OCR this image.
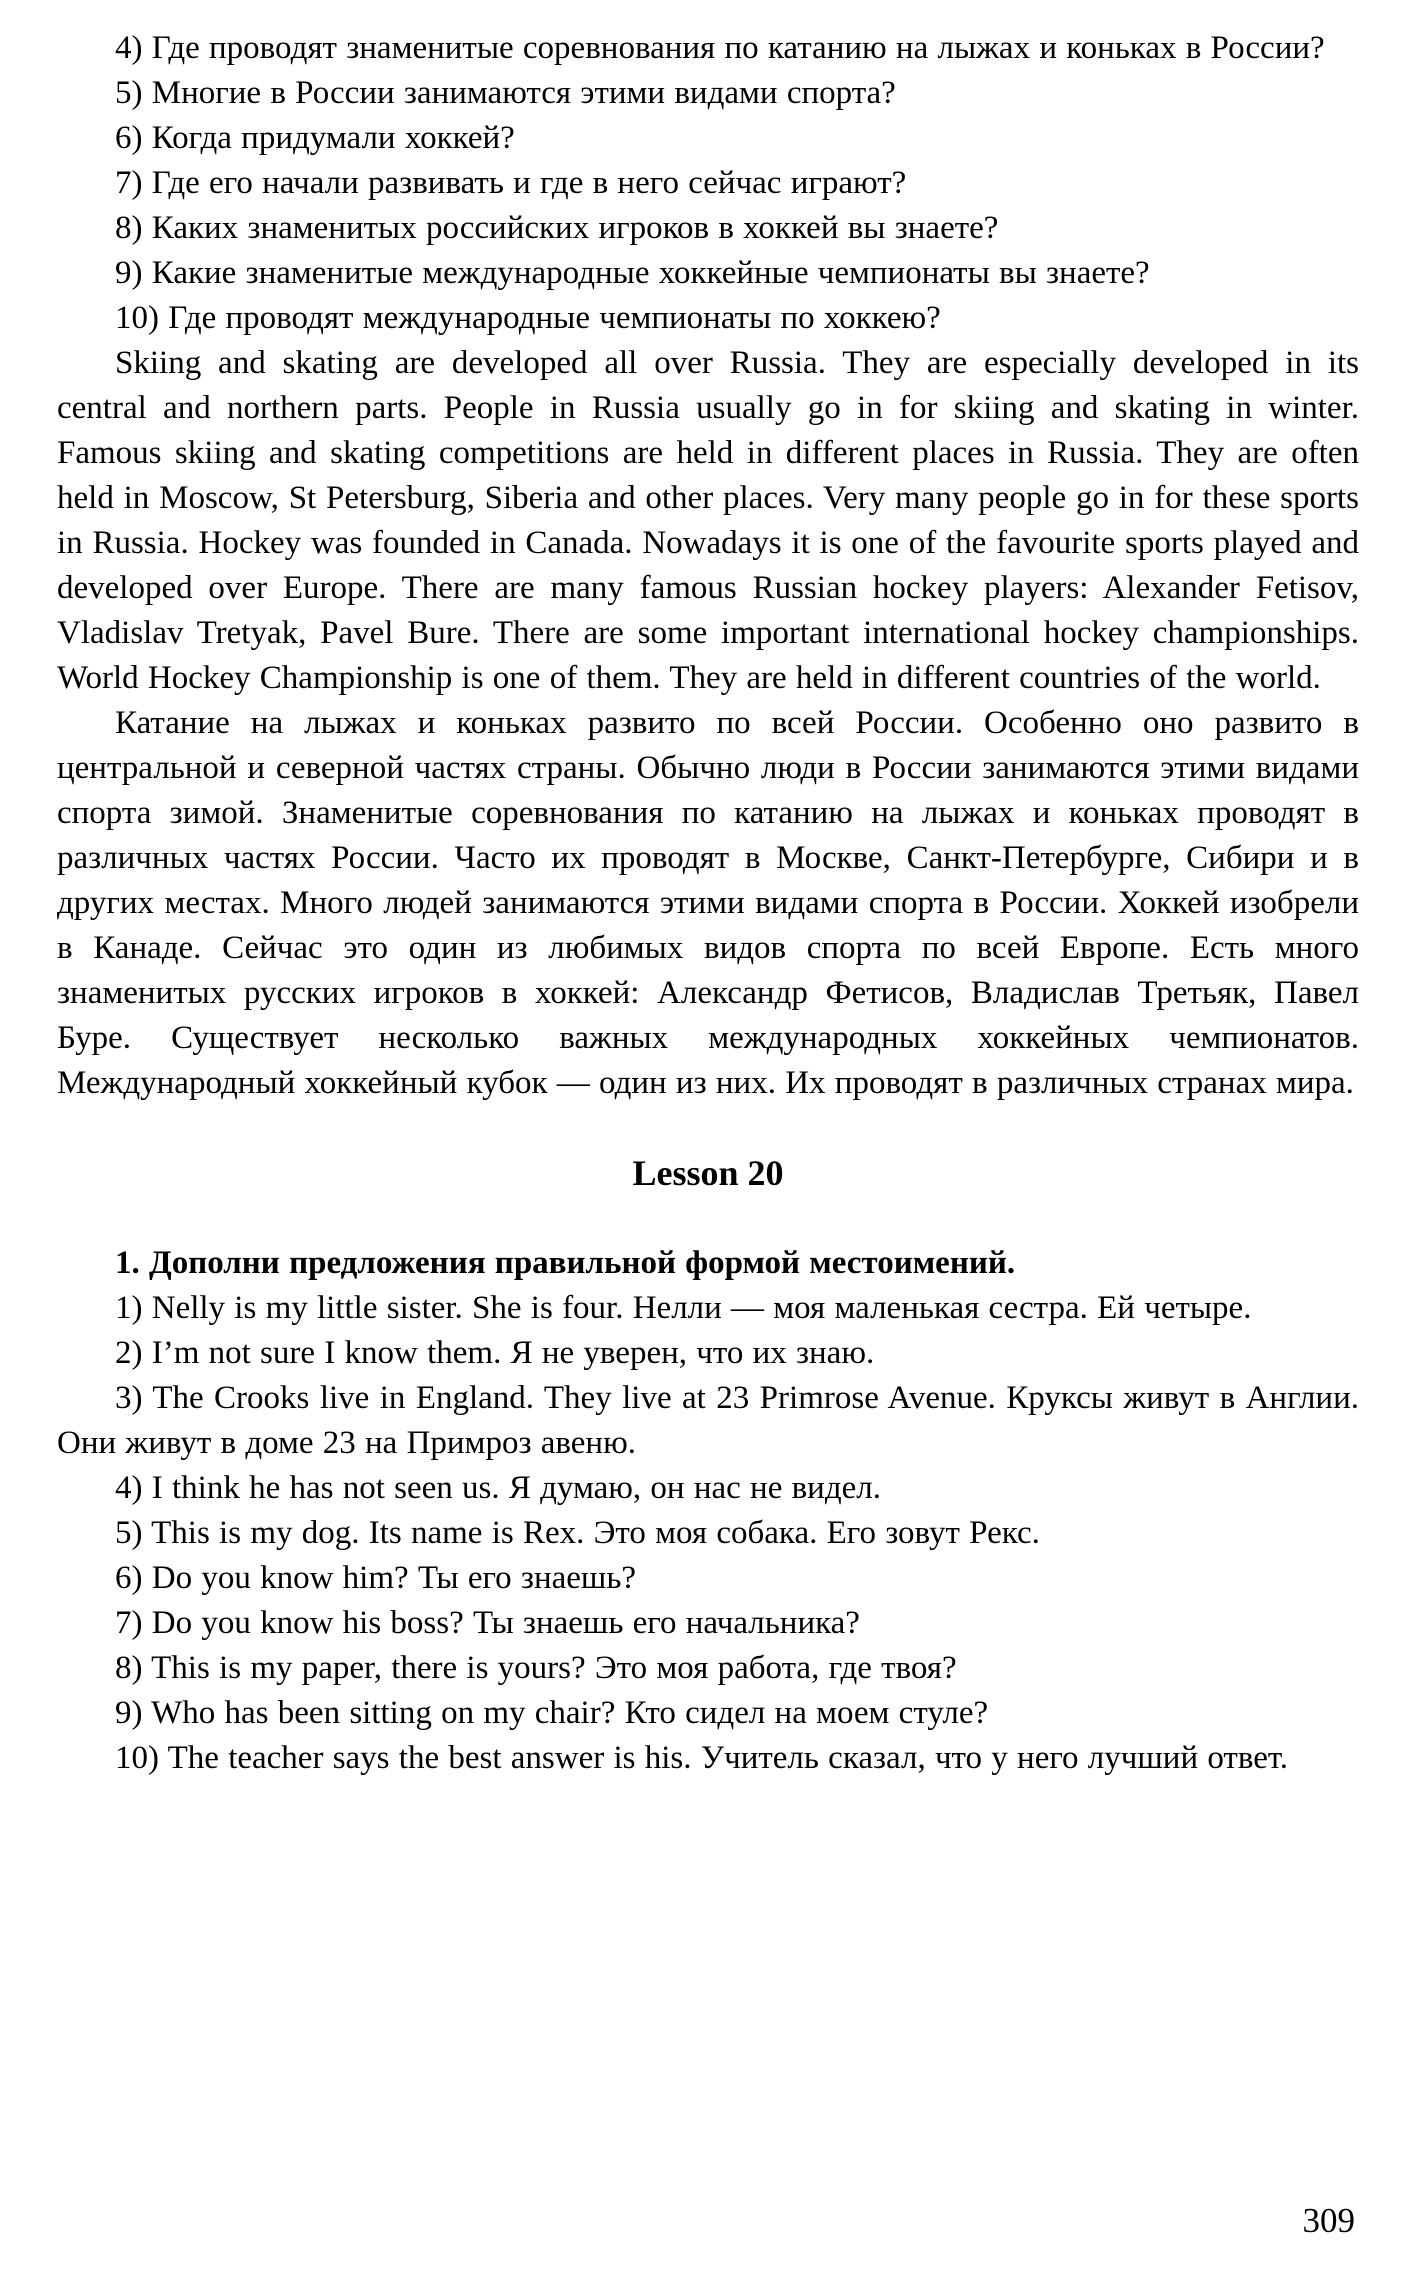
4) Где проводят знаменитые соревнования по катанию на лыжах и коньках в России?

5) Многие в России занимаются этими видами спорта?

6) Когда придумали хоккей?

7) Где его начали развивать и где в него сейчас играют?

8) Каких знаменитых российских игроков в хоккей вы знаете?

9) Какие знаменитые международные хоккейные чемпионаты вы знаете?

10) Где проводят международные чемпионаты по хоккею?

Skiing and skating are developed all over Russia. They are especially developed in its central and northern parts. People in Russia usually go in for skiing and skating in winter. Famous skiing and skating competitions are held in different places in Russia. They are often held in Moscow, St Petersburg, Siberia and other places. Very many people go in for these sports in Russia. Hockey was founded in Canada. Nowadays it is one of the favourite sports played and developed over Europe. There are many famous Russian hockey players: Alexander Fetisov, Vladislav Tretyak, Pavel Bure. There are some important international hockey championships. World Hockey Championship is one of them. They are held in different countries of the world.

Катание на лыжах и коньках развито по всей России. Особенно оно развито в центральной и северной частях страны. Обычно люди в России занимаются этими видами спорта зимой. Знаменитые соревнования по катанию на лыжах и коньках проводят в различных частях России. Часто их проводят в Москве, Санкт-Петербурге, Сибири и в других местах. Много людей занимаются этими видами спорта в России. Хоккей изобрели в Канаде. Сейчас это один из любимых видов спорта по всей Европе. Есть много знаменитых русских игроков в хоккей: Александр Фетисов, Владислав Третьяк, Павел Буре. Существует несколько важных международных хоккейных чемпионатов. Международный хоккейный кубок — один из них. Их проводят в различных странах мира.

Lesson 20

1. Дополни предложения правильной формой местоимений.

1) Nelly is my little sister. She is four. Нелли — моя маленькая сестра. Ей четыре.

2) I’m not sure I know them. Я не уверен, что их знаю.

3) The Crooks live in England. They live at 23 Primrose Avenue. Круксы живут в Англии. Они живут в доме 23 на Примроз авеню.

4) I think he has not seen us. Я думаю, он нас не видел.

5) This is my dog. Its name is Rex. Это моя собака. Его зовут Рекс.

6) Do you know him? Ты его знаешь?

7) Do you know his boss? Ты знаешь его начальника?

8) This is my paper, there is yours? Это моя работа, где твоя?

9) Who has been sitting on my chair? Кто сидел на моем стуле?

10) The teacher says the best answer is his. Учитель сказал, что у него лучший ответ.

309
